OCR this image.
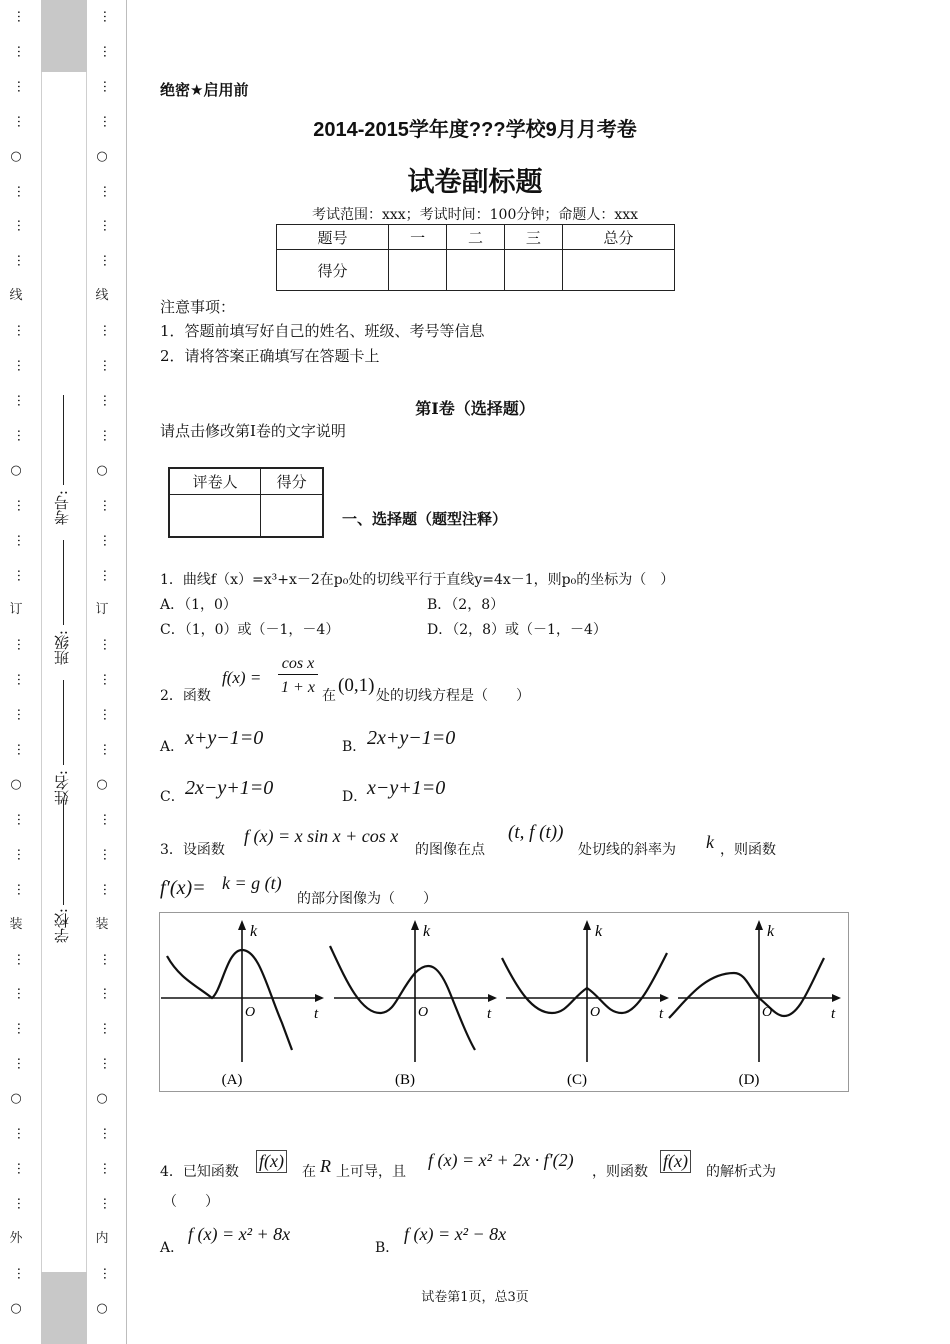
…
…
…
…
○
…
…
…
线
…
…
…
…
○
…
…
…
订
…
…
…
…
○
…
…
…
装
…
…
…
…
○
…
…
…
外
…
○
…
…
…
…
○
…
…
…
线
…
…
…
…
○
…
…
…
订
…
…
…
…
○
…
…
…
装
…
…
…
…
○
…
…
…
内
…
○
学校:
姓名:
班级:
考号:
绝密★启用前
2014-2015学年度???学校9月月考卷
试卷副标题
考试范围：xxx；考试时间：100分钟；命题人：xxx
题号	一	二	三	总分
得分				
注意事项：
1．答题前填写好自己的姓名、班级、考号等信息
2．请将答案正确填写在答题卡上
第I卷（选择题）
请点击修改第I卷的文字说明
评卷人	得分

一、选择题（题型注释）
1．曲线f（x）=x³+x－2在p₀处的切线平行于直线y=4x－1，则p₀的坐标为（　）
A．（1，0）	B．（2，8）
C．（1，0）或（－1，－4）	D．（2，8）或（－1，－4）
2．函数
f(x) =
cos x
1 + x 在 (0,1) 处的切线方程是（　　）
A． x+y−1=0	B． 2x+y−1=0
C． 2x−y+1=0	D． x−y+1=0
3．设函数
f (x) = x sin x + cos x
的图像在点
(t, f (t))
处切线的斜率为 k ，则函数
f′(x)= k = g (t)
的部分图像为（　　）
k
t
O
(A)
k
t
O
(B)
k
t
O
(C)
k
t
O
(D)
4．已知函数
f(x)
在 R 上可导，且
f (x) = x² + 2x · f′(2)
，则函数
f(x)
的解析式为
（　　）
A．
f (x) = x² + 8x
B．
f (x) = x² − 8x
试卷第1页，总3页
